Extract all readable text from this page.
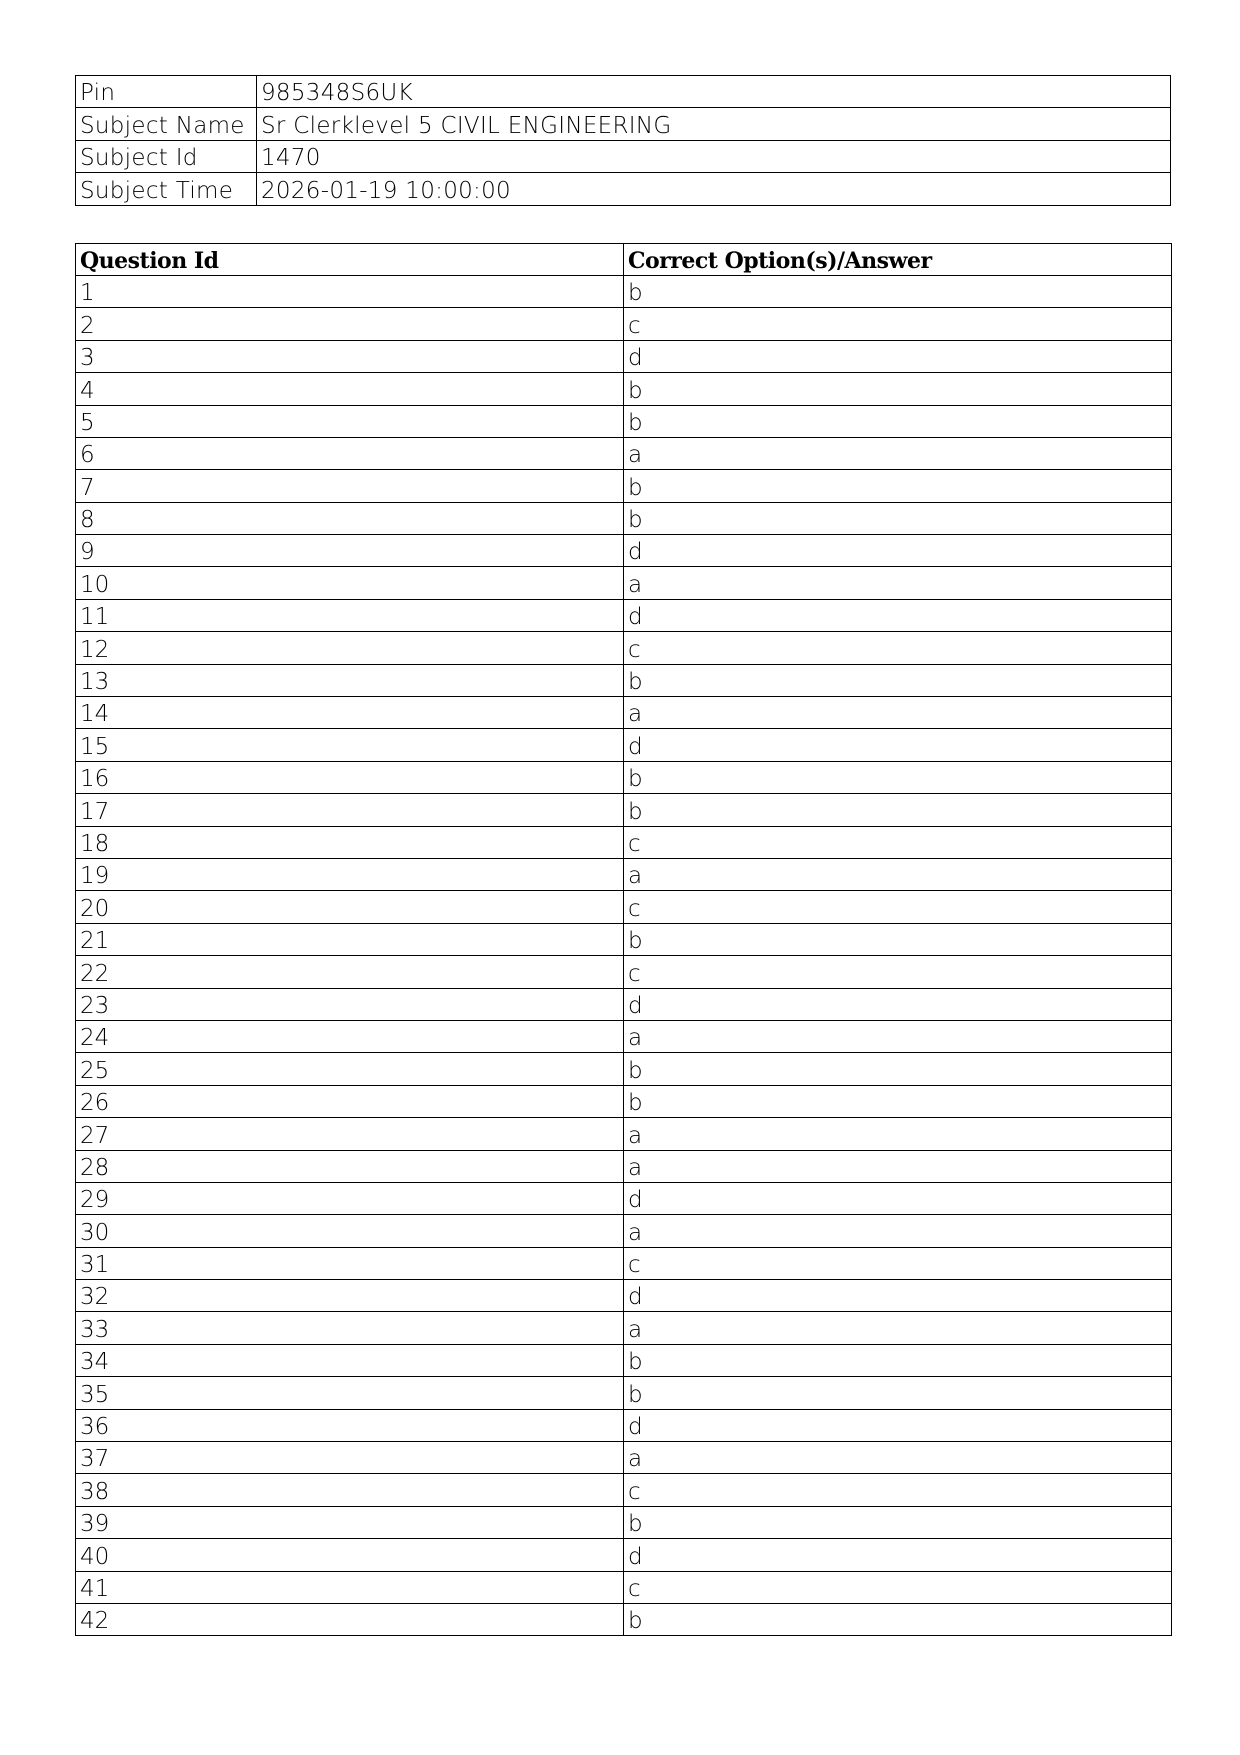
Pin	985348S6UK
Subject Name	Sr Clerklevel 5 CIVIL ENGINEERING
Subject Id	1470
Subject Time	2026-01-19 10:00:00
Question Id	Correct Option(s)/Answer
1	b
2	c
3	d
4	b
5	b
6	a
7	b
8	b
9	d
10	a
11	d
12	c
13	b
14	a
15	d
16	b
17	b
18	c
19	a
20	c
21	b
22	c
23	d
24	a
25	b
26	b
27	a
28	a
29	d
30	a
31	c
32	d
33	a
34	b
35	b
36	d
37	a
38	c
39	b
40	d
41	c
42	b
